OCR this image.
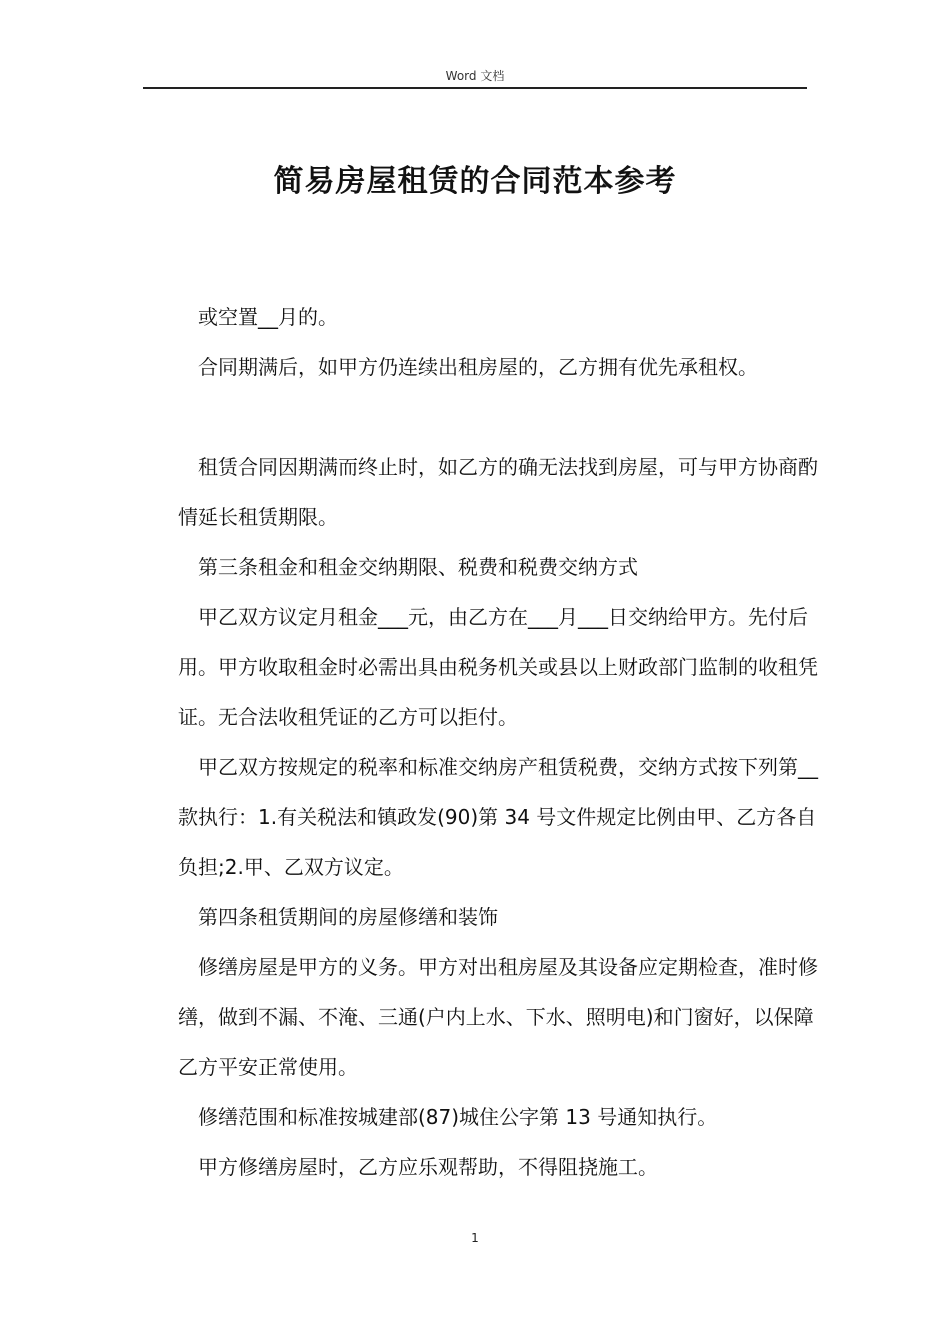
Word 文档
简易房屋租赁的合同范本参考

或空置__月的。

合同期满后，如甲方仍连续出租房屋的，乙方拥有优先承租权。

租赁合同因期满而终止时，如乙方的确无法找到房屋，可与甲方协商酌情延长租赁期限。

第三条租金和租金交纳期限、税费和税费交纳方式

甲乙双方议定月租金___元，由乙方在___月___日交纳给甲方。先付后用。甲方收取租金时必需出具由税务机关或县以上财政部门监制的收租凭证。无合法收租凭证的乙方可以拒付。

甲乙双方按规定的税率和标准交纳房产租赁税费，交纳方式按下列第__款执行：1.有关税法和镇政发(90)第 34 号文件规定比例由甲、乙方各自负担;2.甲、乙双方议定。

第四条租赁期间的房屋修缮和装饰

修缮房屋是甲方的义务。甲方对出租房屋及其设备应定期检查，准时修缮，做到不漏、不淹、三通(户内上水、下水、照明电)和门窗好，以保障乙方平安正常使用。

修缮范围和标准按城建部(87)城住公字第 13 号通知执行。

甲方修缮房屋时，乙方应乐观帮助，不得阻挠施工。

1
